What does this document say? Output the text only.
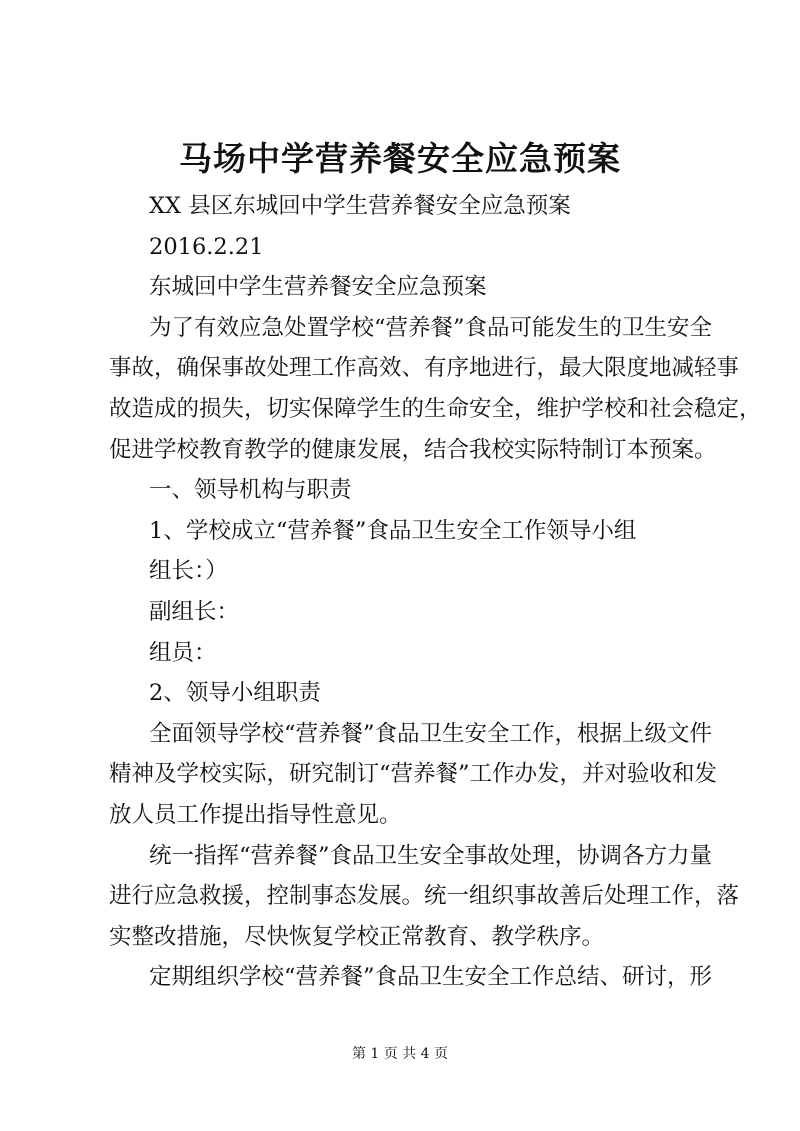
马场中学营养餐安全应急预案
XX 县区东城回中学生营养餐安全应急预案
2016.2.21
东城回中学生营养餐安全应急预案
为了有效应急处置学校“营养餐”食品可能发生的卫生安全
事故，确保事故处理工作高效、有序地进行，最大限度地减轻事
故造成的损失，切实保障学生的生命安全，维护学校和社会稳定，
促进学校教育教学的健康发展，结合我校实际特制订本预案。
一、领导机构与职责
1、学校成立“营养餐”食品卫生安全工作领导小组
组长：）
副组长：
组员：
2、领导小组职责
全面领导学校“营养餐”食品卫生安全工作，根据上级文件
精神及学校实际，研究制订“营养餐”工作办发，并对验收和发
放人员工作提出指导性意见。
统一指挥“营养餐”食品卫生安全事故处理，协调各方力量
进行应急救援，控制事态发展。统一组织事故善后处理工作，落
实整改措施，尽快恢复学校正常教育、教学秩序。
定期组织学校“营养餐”食品卫生安全工作总结、研讨，形
第 1 页 共 4 页
